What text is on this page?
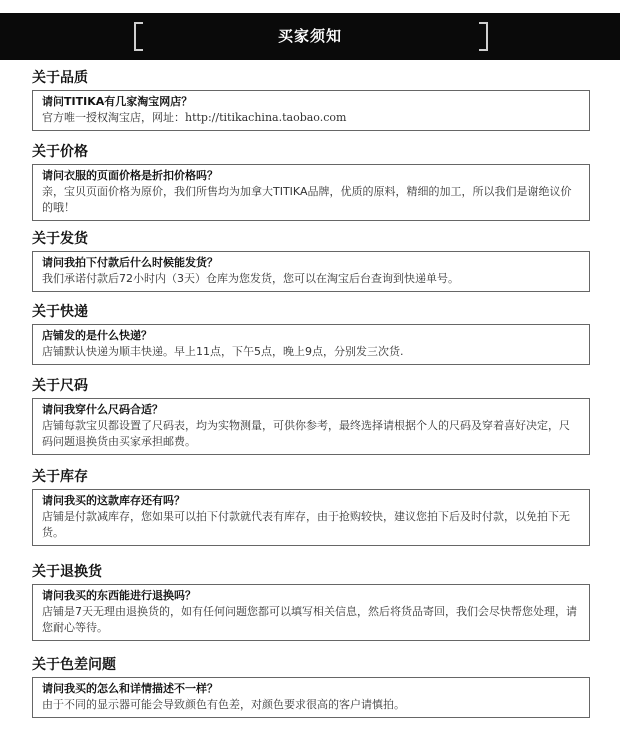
买家须知
关于品质
请问TITIKA有几家淘宝网店？
官方唯一授权淘宝店，网址：http://titikachina.taobao.com
关于价格
请问衣服的页面价格是折扣价格吗？
亲，宝贝页面价格为原价，我们所售均为加拿大TITIKA品牌，优质的原料，精细的加工，所以我们是谢绝议价的哦！
关于发货
请问我拍下付款后什么时候能发货？
我们承诺付款后72小时内（3天）仓库为您发货，您可以在淘宝后台查询到快递单号。
关于快递
店铺发的是什么快递？
店铺默认快递为顺丰快递。早上11点，下午5点，晚上9点，分别发三次货.
关于尺码
请问我穿什么尺码合适？
店铺每款宝贝都设置了尺码表，均为实物测量，可供你参考，最终选择请根据个人的尺码及穿着喜好决定，尺码问题退换货由买家承担邮费。
关于库存
请问我买的这款库存还有吗？
店铺是付款减库存，您如果可以拍下付款就代表有库存，由于抢购较快，建议您拍下后及时付款，以免拍下无货。
关于退换货
请问我买的东西能进行退换吗？
店铺是7天无理由退换货的，如有任何问题您都可以填写相关信息，然后将货品寄回，我们会尽快帮您处理，请您耐心等待。
关于色差问题
请问我买的怎么和详情描述不一样？
由于不同的显示器可能会导致颜色有色差，对颜色要求很高的客户请慎拍。
